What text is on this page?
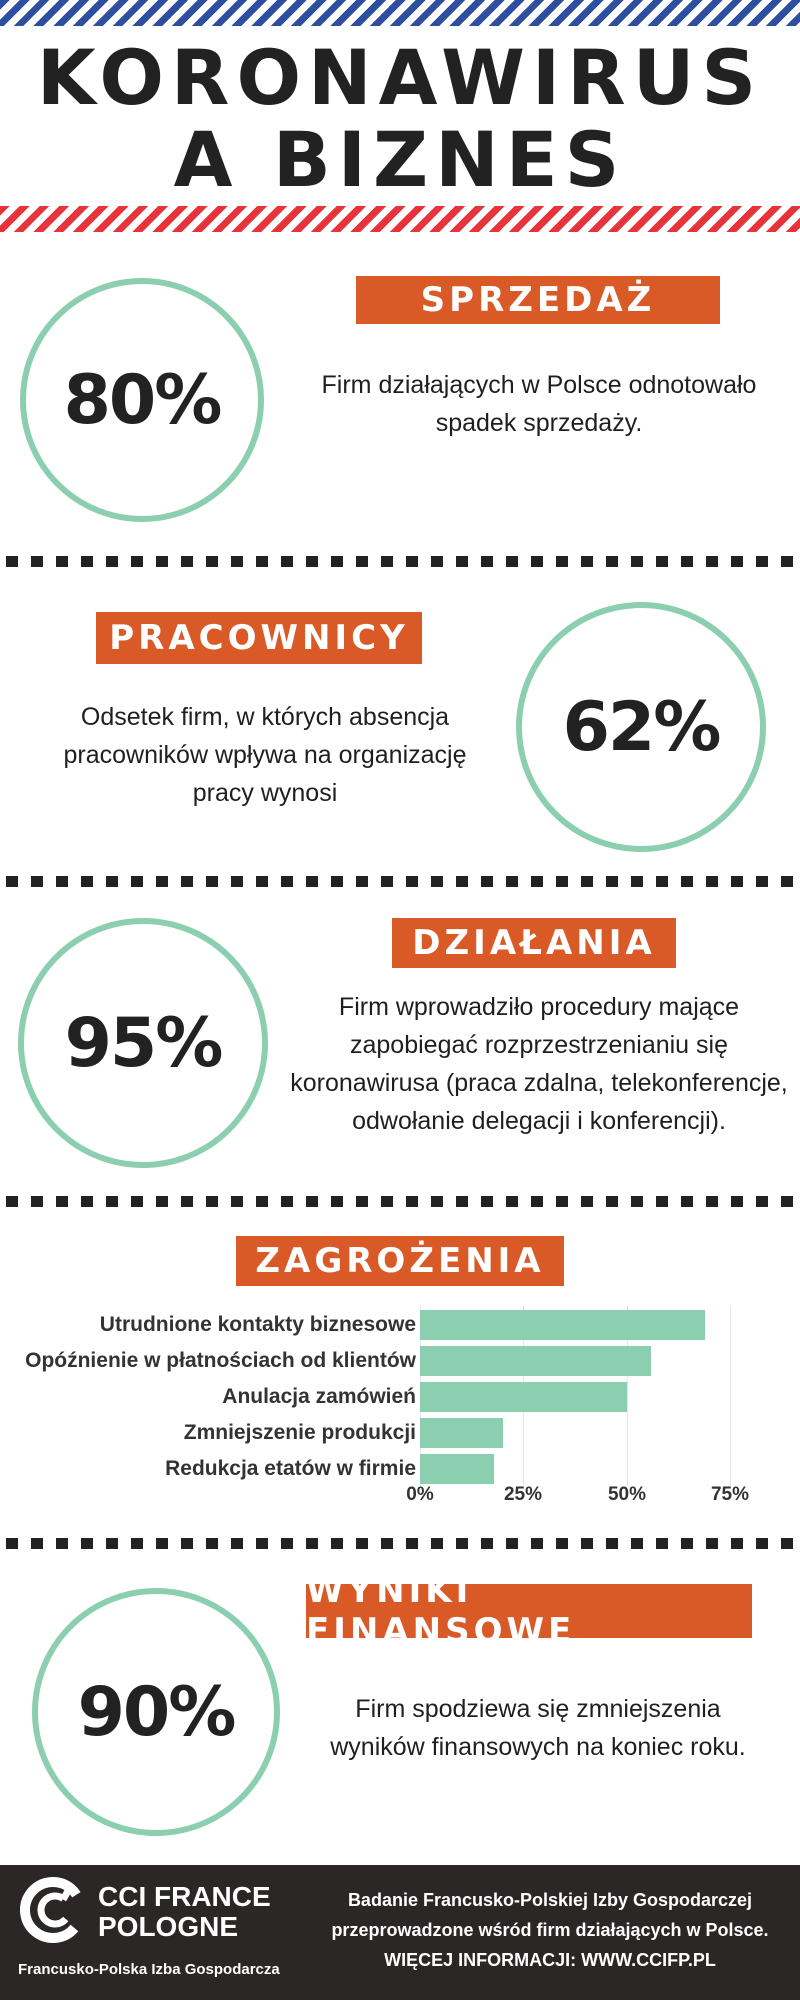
KORONAWIRUS
A BIZNES
80%
SPRZEDAŻ
Firm działających w Polsce odnotowało
spadek sprzedaży.
PRACOWNICY
Odsetek firm, w których absencja
pracowników wpływa na organizację
pracy wynosi
62%
95%
DZIAŁANIA
Firm wprowadziło procedury mające
zapobiegać rozprzestrzenianiu się
koronawirusa (praca zdalna, telekonferencje,
odwołanie delegacji i konferencji).
ZAGROŻENIA
Utrudnione kontakty biznesowe
Opóźnienie w płatnościach od klientów
Anulacja zamówień
Zmniejszenie produkcji
Redukcja etatów w firmie
0%	25%	50%	75%
WYNIKI FINANSOWE
90%	Firm spodziewa się zmniejszenia
wyników finansowych na koniec roku.
CCI FRANCE
POLOGNE
Francusko-Polska Izba Gospodarcza
Badanie Francusko-Polskiej Izby Gospodarczej
przeprowadzone wśród firm działających w Polsce.
WIĘCEJ INFORMACJI: WWW.CCIFP.PL
